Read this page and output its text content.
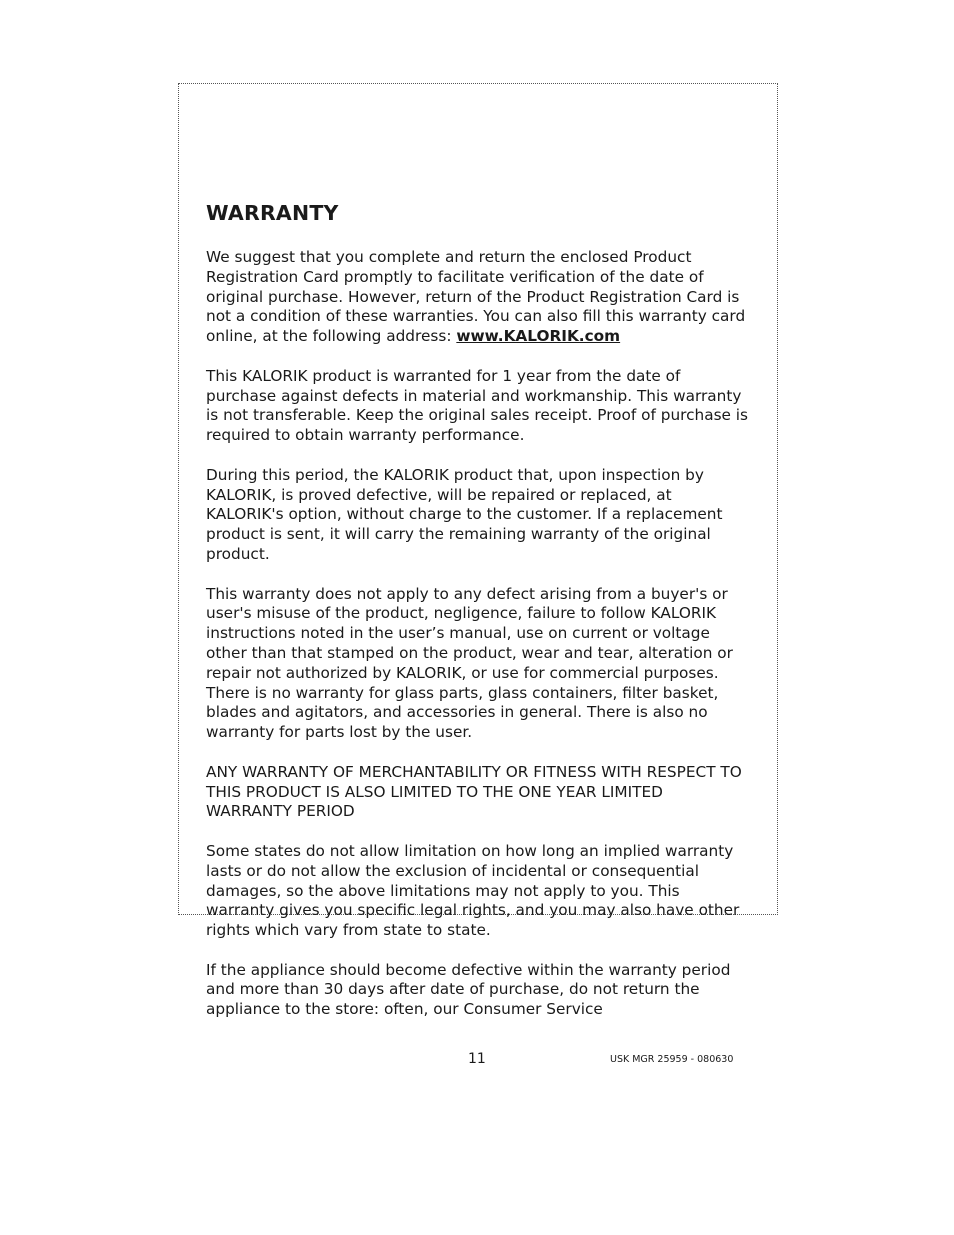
WARRANTY

We suggest that you complete and return the enclosed Product Registration Card promptly to facilitate verification of the date of original purchase. However, return of the Product Registration Card is not a condition of these warranties. You can also fill this warranty card online, at the following address: www.KALORIK.com

This KALORIK product is warranted for 1 year from the date of purchase against defects in material and workmanship. This warranty is not transferable. Keep the original sales receipt. Proof of purchase is required to obtain warranty performance.

During this period, the KALORIK product that, upon inspection by KALORIK, is proved defective, will be repaired or replaced, at KALORIK's option, without charge to the customer. If a replacement product is sent, it will carry the remaining warranty of the original product.

This warranty does not apply to any defect arising from a buyer's or user's misuse of the product, negligence, failure to follow KALORIK instructions noted in the user’s manual, use on current or voltage other than that stamped on the product, wear and tear, alteration or repair not authorized by KALORIK, or use for commercial purposes. There is no warranty for glass parts, glass containers, filter basket, blades and agitators, and accessories in general. There is also no warranty for parts lost by the user.

ANY WARRANTY OF MERCHANTABILITY OR FITNESS WITH RESPECT TO THIS PRODUCT IS ALSO LIMITED TO THE ONE YEAR LIMITED WARRANTY PERIOD

Some states do not allow limitation on how long an implied warranty lasts or do not allow the exclusion of incidental or consequential damages, so the above limitations may not apply to you. This warranty gives you specific legal rights, and you may also have other rights which vary from state to state.

If the appliance should become defective within the warranty period and more than 30 days after date of purchase, do not return the appliance to the store: often, our Consumer Service

11	USK MGR 25959 - 080630
